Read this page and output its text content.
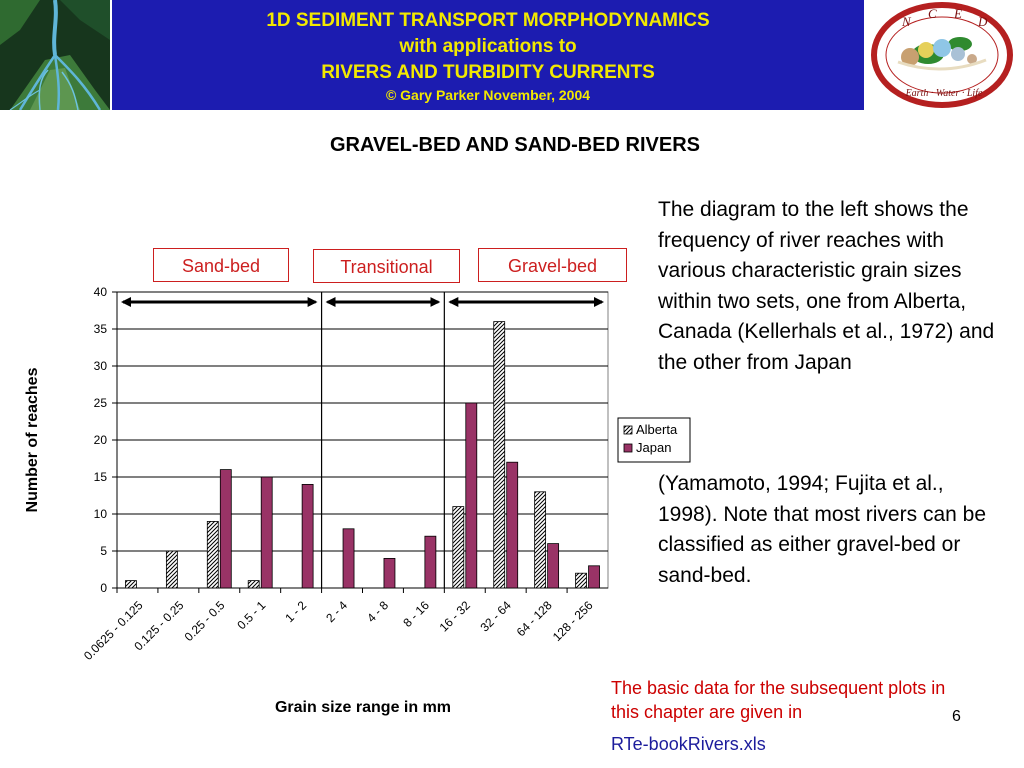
1D SEDIMENT TRANSPORT MORPHODYNAMICS
with applications to
RIVERS AND TURBIDITY CURRENTS
© Gary Parker November, 2004
N
C E
D
Earth · Water · Life
GRAVEL-BED AND SAND-BED RIVERS
Sand-bed	Transitional	Gravel-bed
0
5
10
15
20
25
30
35
40
0.0625 - 0.125
0.125 - 0.25
0.25 - 0.5 0.5 - 1 1 - 2 2 - 4 4 - 8 8 - 16 16 - 32 32 - 64 64 - 128
128 - 256
Alberta
Japan
Number of reaches
Grain size range in mm
The diagram to the left shows the frequency of river reaches with various characteristic grain sizes within two sets, one from Alberta, Canada (Kellerhals et al., 1972) and the other from Japan
(Yamamoto, 1994; Fujita et al., 1998). Note that most rivers can be classified as either gravel-bed or sand-bed.
The basic data for the subsequent plots in this chapter are given in
RTe-bookRivers.xls
6
